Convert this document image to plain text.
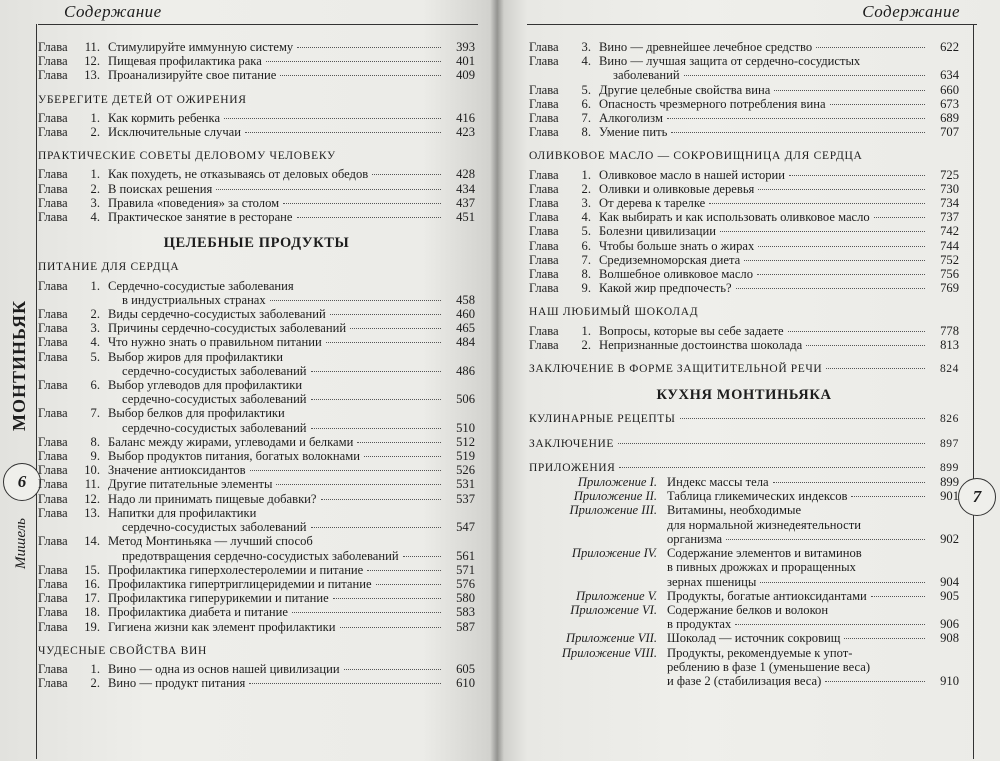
Содержание
МОНТИНЬЯК
6
Мишель
Глава	11. Стимулируйте иммунную систему	393
Глава	12. Пищевая профилактика рака	401
Глава	13. Проанализируйте свое питание	409
УБЕРЕГИТЕ ДЕТЕЙ ОТ ОЖИРЕНИЯ
Глава	1. Как кормить ребенка	416
Глава	2. Исключительные случаи	423
ПРАКТИЧЕСКИЕ СОВЕТЫ ДЕЛОВОМУ ЧЕЛОВЕКУ
Глава	1. Как похудеть, не отказываясь от деловых обедов	428
Глава	2. В поисках решения	434
Глава	3. Правила «поведения» за столом	437
Глава	4. Практическое занятие в ресторане	451
ЦЕЛЕБНЫЕ ПРОДУКТЫ
ПИТАНИЕ ДЛЯ СЕРДЦА
Глава	1. Сердечно-сосудистые заболевания
в индустриальных странах	458
Глава	2. Виды сердечно-сосудистых заболеваний	460
Глава	3. Причины сердечно-сосудистых заболеваний	465
Глава	4. Что нужно знать о правильном питании	484
Глава	5. Выбор жиров для профилактики
сердечно-сосудистых заболеваний	486
Глава	6. Выбор углеводов для профилактики
сердечно-сосудистых заболеваний	506
Глава	7. Выбор белков для профилактики
сердечно-сосудистых заболеваний	510
Глава	8. Баланс между жирами, углеводами и белками	512
Глава	9. Выбор продуктов питания, богатых волокнами	519
Глава	10. Значение антиоксидантов	526
Глава	11. Другие питательные элементы	531
Глава	12. Надо ли принимать пищевые добавки?	537
Глава	13. Напитки для профилактики
сердечно-сосудистых заболеваний	547
Глава	14. Метод Монтиньяка — лучший способ
предотвращения сердечно-сосудистых заболеваний	561
Глава	15. Профилактика гиперхолестеролемии и питание	571
Глава	16. Профилактика гипертриглицеридемии и питание	576
Глава	17. Профилактика гиперурикемии и питание	580
Глава	18. Профилактика диабета и питание	583
Глава	19. Гигиена жизни как элемент профилактики	587
ЧУДЕСНЫЕ СВОЙСТВА ВИН
Глава	1. Вино — одна из основ нашей цивилизации	605
Глава	2. Вино — продукт питания	610
Содержание
7
Глава	3. Вино — древнейшее лечебное средство	622
Глава	4. Вино — лучшая защита от сердечно-сосудистых
заболеваний	634
Глава	5. Другие целебные свойства вина	660
Глава	6. Опасность чрезмерного потребления вина	673
Глава	7. Алкоголизм	689
Глава	8. Умение пить	707
ОЛИВКОВОЕ МАСЛО — СОКРОВИЩНИЦА ДЛЯ СЕРДЦА
Глава	1. Оливковое масло в нашей истории	725
Глава	2. Оливки и оливковые деревья	730
Глава	3. От дерева к тарелке	734
Глава	4. Как выбирать и как использовать оливковое масло	737
Глава	5. Болезни цивилизации	742
Глава	6. Чтобы больше знать о жирах	744
Глава	7. Средиземноморская диета	752
Глава	8. Волшебное оливковое масло	756
Глава	9. Какой жир предпочесть?	769
НАШ ЛЮБИМЫЙ ШОКОЛАД
Глава	1. Вопросы, которые вы себе задаете	778
Глава	2. Непризнанные достоинства шоколада	813
ЗАКЛЮЧЕНИЕ В ФОРМЕ ЗАЩИТИТЕЛЬНОЙ РЕЧИ	824
КУХНЯ МОНТИНЬЯКА
КУЛИНАРНЫЕ РЕЦЕПТЫ	826
ЗАКЛЮЧЕНИЕ	897
ПРИЛОЖЕНИЯ	899
Приложение I. Индекс массы тела	899
Приложение II. Таблица гликемических индексов	901
Приложение III. Витамины, необходимые
для нормальной жизнедеятельности
организма	902
Приложение IV. Содержание элементов и витаминов
в пивных дрожжах и проращенных
зернах пшеницы	904
Приложение V. Продукты, богатые антиоксидантами	905
Приложение VI. Содержание белков и волокон
в продуктах	906
Приложение VII. Шоколад — источник сокровищ	908
Приложение VIII. Продукты, рекомендуемые к упот-
реблению в фазе 1 (уменьшение веса)
и фазе 2 (стабилизация веса)	910
